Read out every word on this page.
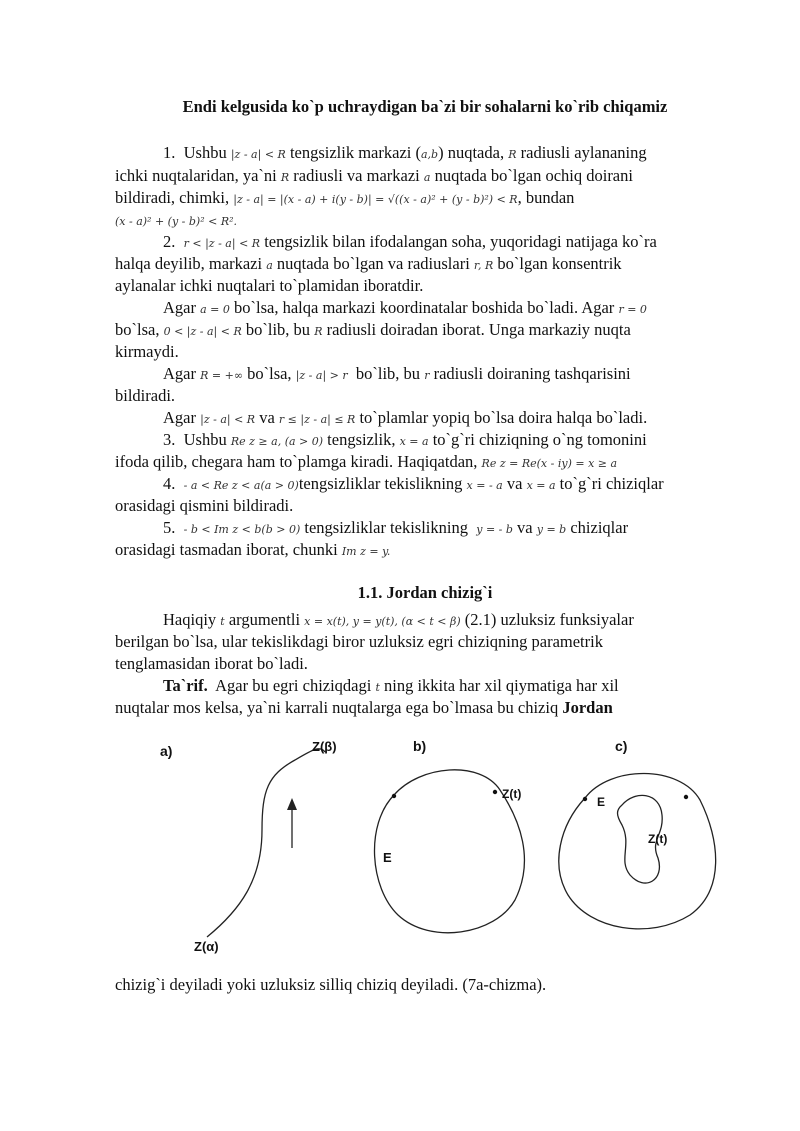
Endi kelgusida ko`p uchraydigan ba`zi bir sohalarni ko`rib chiqamiz
1. Ushbu |z - a| < R tengsizlik markazi (a,b) nuqtada, R radiusli aylananing
ichki nuqtalaridan, ya`ni R radiusli va markazi a nuqtada bo`lgan ochiq doirani
bildiradi, chimki, |z - a| = |(x - a) + i(y - b)| = √((x - a)² + (y - b)²) < R, bundan
(x - a)² + (y - b)² < R².
2. r < |z - a| < R tengsizlik bilan ifodalangan soha, yuqoridagi natijaga ko`ra
halqa deyilib, markazi a nuqtada bo`lgan va radiuslari r, R bo`lgan konsentrik
aylanalar ichki nuqtalari to`plamidan iboratdir.
Agar a = 0 bo`lsa, halqa markazi koordinatalar boshida bo`ladi. Agar r = 0
bo`lsa, 0 < |z - a| < R bo`lib, bu R radiusli doiradan iborat. Unga markaziy nuqta
kirmaydi.
Agar R = +∞ bo`lsa, |z - a| > r bo`lib, bu r radiusli doiraning tashqarisini
bildiradi.
Agar |z - a| < R va r ≤ |z - a| ≤ R to`plamlar yopiq bo`lsa doira halqa bo`ladi.
3. Ushbu Re z ≥ a, (a > 0) tengsizlik, x = a to`g`ri chiziqning o`ng tomonini
ifoda qilib, chegara ham to`plamga kiradi. Haqiqatdan, Re z = Re(x - iy) = x ≥ a
4. - a < Re z < a(a > 0)tengsizliklar tekislikning x = - a va x = a to`g`ri chiziqlar
orasidagi qismini bildiradi.
5. - b < Im z < b(b > 0) tengsizliklar tekislikning y = - b va y = b chiziqlar
orasidagi tasmadan iborat, chunki Im z = y.
1.1. Jordan chizig`i
Haqiqiy t argumentli x = x(t), y = y(t), (α < t < β) (2.1) uzluksiz funksiyalar
berilgan bo`lsa, ular tekislikdagi biror uzluksiz egri chiziqning parametrik
tenglamasidan iborat bo`ladi.
Ta`rif. Agar bu egri chiziqdagi t ning ikkita har xil qiymatiga har xil
nuqtalar mos kelsa, ya`ni karrali nuqtalarga ega bo`lmasa bu chiziq Jordan
chizig`i deyiladi yoki uzluksiz silliq chiziq deyiladi. (7a-chizma).
a)	Z(β)
Z(α)
b)
Z(t)
E
c)
E
Z(t)
